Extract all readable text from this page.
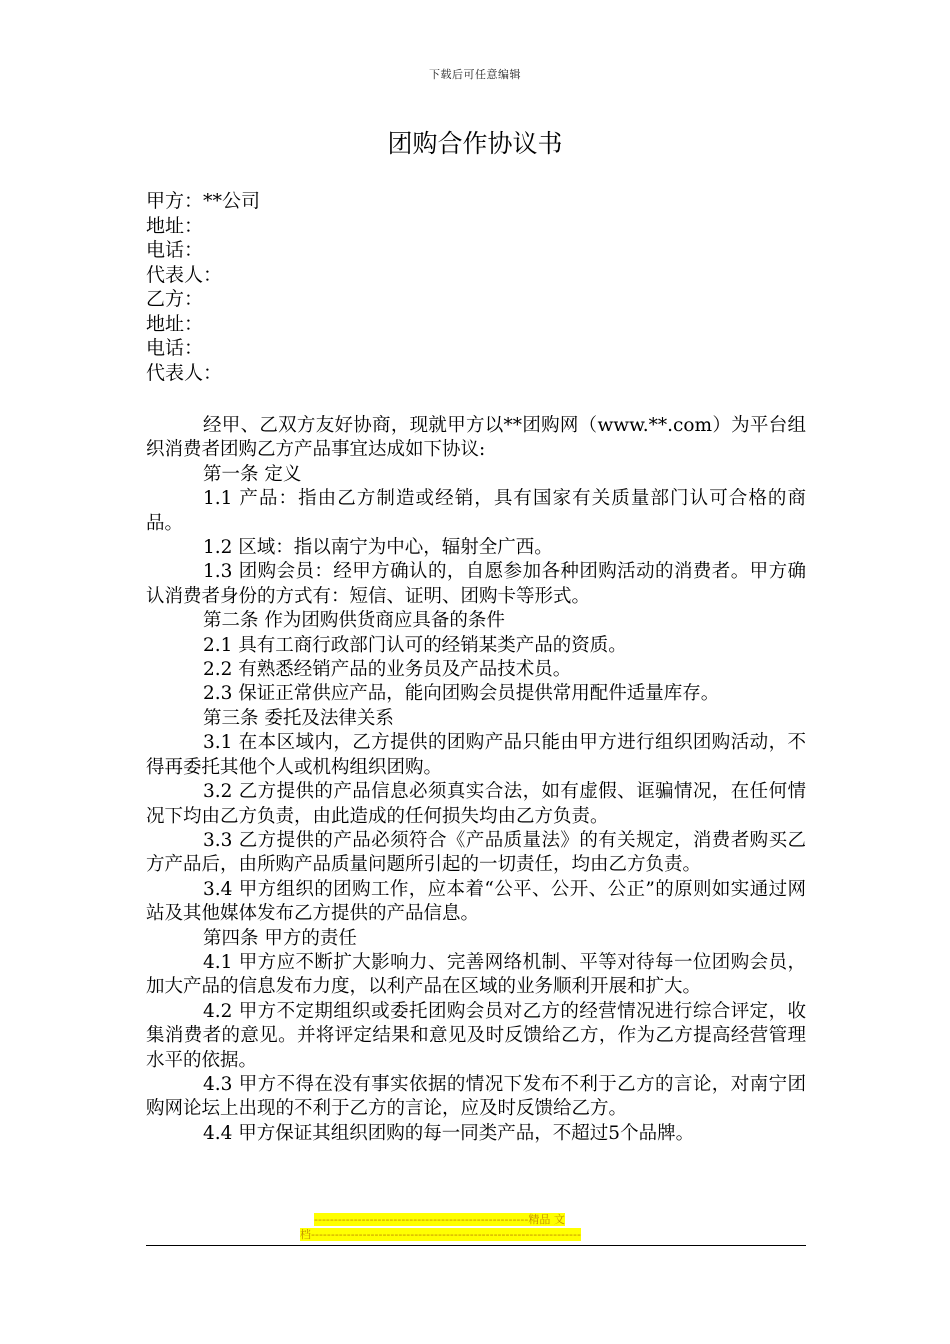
下载后可任意编辑
团购合作协议书
甲方：**公司
地址：
电话：
代表人：
乙方：
地址：
电话：
代表人：

经甲、乙双方友好协商，现就甲方以**团购网（www.**.com）为平台组织消费者团购乙方产品事宜达成如下协议:

第一条 定义

1.1 产品：指由乙方制造或经销，具有国家有关质量部门认可合格的商品。

1.2 区域：指以南宁为中心，辐射全广西。

1.3 团购会员：经甲方确认的，自愿参加各种团购活动的消费者。甲方确认消费者身份的方式有：短信、证明、团购卡等形式。

第二条 作为团购供货商应具备的条件

2.1 具有工商行政部门认可的经销某类产品的资质。

2.2 有熟悉经销产品的业务员及产品技术员。

2.3 保证正常供应产品，能向团购会员提供常用配件适量库存。

第三条 委托及法律关系

3.1 在本区域内，乙方提供的团购产品只能由甲方进行组织团购活动，不得再委托其他个人或机构组织团购。

3.2 乙方提供的产品信息必须真实合法，如有虚假、诓骗情况，在任何情况下均由乙方负责，由此造成的任何损失均由乙方负责。

3.3 乙方提供的产品必须符合《产品质量法》的有关规定，消费者购买乙方产品后，由所购产品质量问题所引起的一切责任，均由乙方负责。

3.4 甲方组织的团购工作，应本着“公平、公开、公正”的原则如实通过网站及其他媒体发布乙方提供的产品信息。

第四条 甲方的责任

4.1 甲方应不断扩大影响力、完善网络机制、平等对待每一位团购会员，加大产品的信息发布力度，以利产品在区域的业务顺利开展和扩大。

4.2 甲方不定期组织或委托团购会员对乙方的经营情况进行综合评定，收集消费者的意见。并将评定结果和意见及时反馈给乙方，作为乙方提高经营管理水平的依据。

4.3 甲方不得在没有事实依据的情况下发布不利于乙方的言论，对南宁团购网论坛上出现的不利于乙方的言论，应及时反馈给乙方。

4.4 甲方保证其组织团购的每一同类产品，不超过5个品牌。

------------------------------------------------------精品 文
档--------------------------------------------------------------------
